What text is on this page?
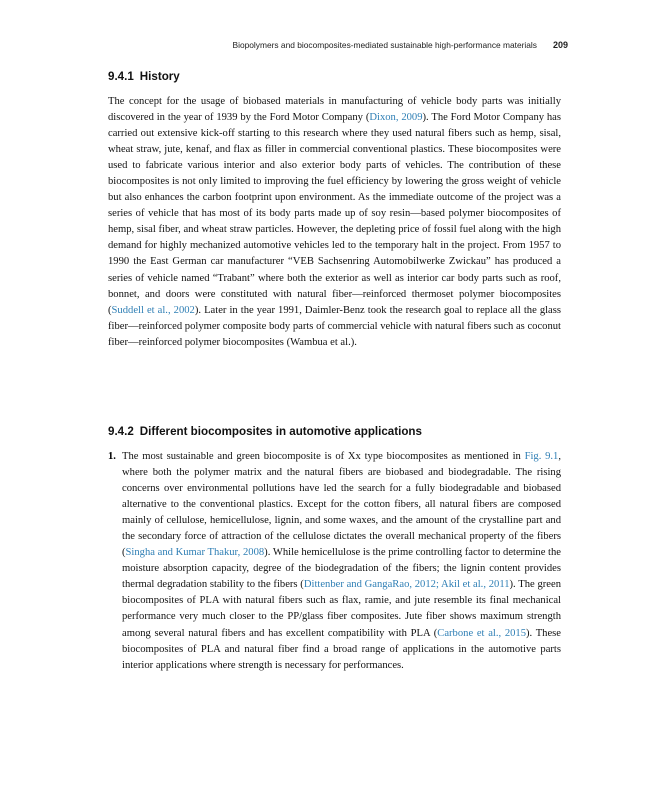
Biopolymers and biocomposites-mediated sustainable high-performance materials 209
9.4.1 History

The concept for the usage of biobased materials in manufacturing of vehicle body parts was initially discovered in the year of 1939 by the Ford Motor Company (Dixon, 2009). The Ford Motor Company has carried out extensive kick-off starting to this research where they used natural fibers such as hemp, sisal, wheat straw, jute, kenaf, and flax as filler in commercial conventional plastics. These biocomposites were used to fabricate various interior and also exterior body parts of vehicles. The contribution of these biocomposites is not only limited to improving the fuel efficiency by lowering the gross weight of vehicle but also enhances the carbon footprint upon environment. As the immediate outcome of the project was a series of vehicle that has most of its body parts made up of soy resin—based polymer biocomposites of hemp, sisal fiber, and wheat straw particles. However, the depleting price of fossil fuel along with the high demand for highly mechanized automotive vehicles led to the temporary halt in the project. From 1957 to 1990 the East German car manufacturer “VEB Sachsenring Automobilwerke Zwickau” has produced a series of vehicle named “Trabant” where both the exterior as well as interior car body parts such as roof, bonnet, and doors were constituted with natural fiber—reinforced thermoset polymer biocomposites (Suddell et al., 2002). Later in the year 1991, Daimler-Benz took the research goal to replace all the glass fiber—reinforced polymer composite body parts of commercial vehicle with natural fibers such as coconut fiber—reinforced polymer biocomposites (Wambua et al.).

9.4.2 Different biocomposites in automotive applications
1. The most sustainable and green biocomposite is of Xx type biocomposites as mentioned in Fig. 9.1, where both the polymer matrix and the natural fibers are biobased and biodegradable. The rising concerns over environmental pollutions have led the search for a fully biodegradable and biobased alternative to the conventional plastics. Except for the cotton fibers, all natural fibers are composed mainly of cellulose, hemicellulose, lignin, and some waxes, and the amount of the crystalline part and the secondary force of attraction of the cellulose dictates the overall mechanical property of the fibers (Singha and Kumar Thakur, 2008). While hemicellulose is the prime controlling factor to determine the moisture absorption capacity, degree of the biodegradation of the fibers; the lignin content provides thermal degradation stability to the fibers (Dittenber and GangaRao, 2012; Akil et al., 2011). The green biocomposites of PLA with natural fibers such as flax, ramie, and jute resemble its final mechanical performance very much closer to the PP/glass fiber composites. Jute fiber shows maximum strength among several natural fibers and has excellent compatibility with PLA (Carbone et al., 2015). These biocomposites of PLA and natural fiber find a broad range of applications in the automotive parts interior applications where strength is necessary for performances.
